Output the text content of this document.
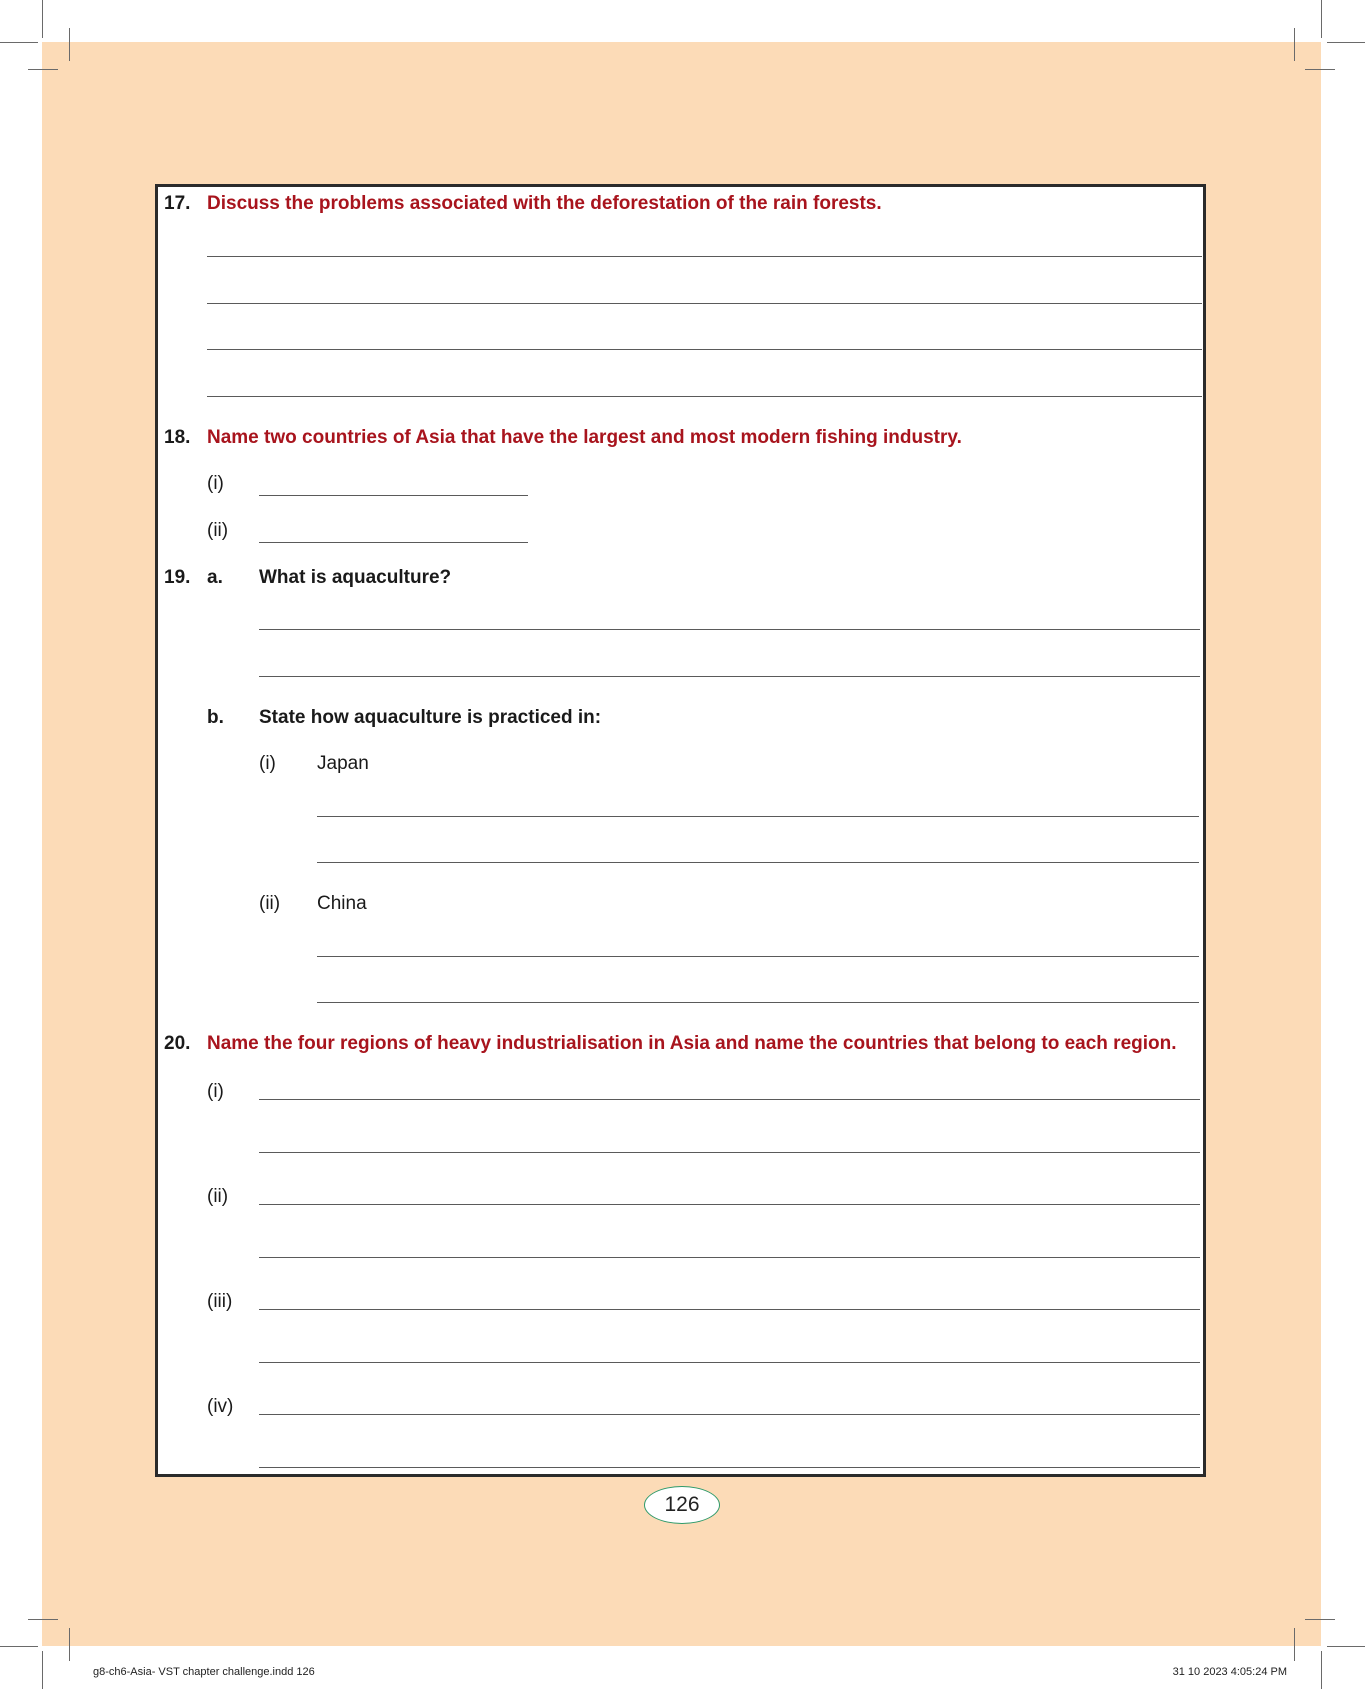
17. Discuss the problems associated with the deforestation of the rain forests.
18. Name two countries of Asia that have the largest and most modern fishing industry.
(i)
(ii)
19. a. What is aquaculture?
b. State how aquaculture is practiced in:
(i) Japan
(ii) China
20. Name the four regions of heavy industrialisation in Asia and name the countries that belong to each region.
(i)
(ii)
(iii)
(iv)
126
g8-ch6-Asia- VST chapter challenge.indd 126	31 10 2023 4:05:24 PM
